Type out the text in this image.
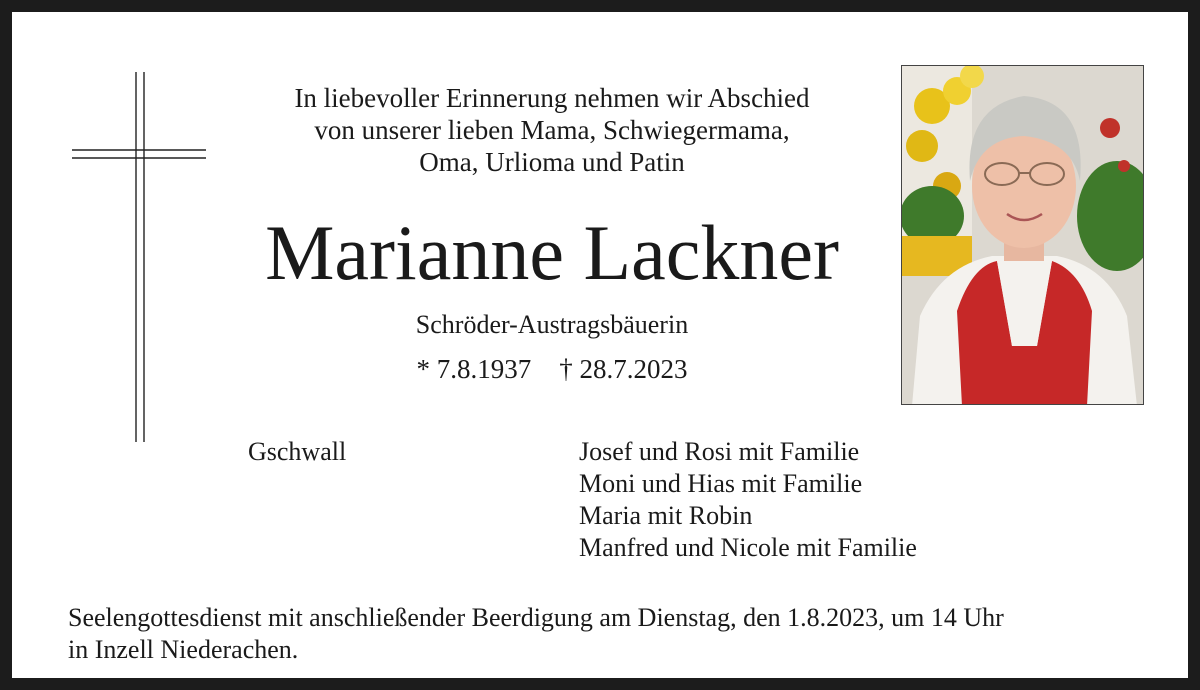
In liebevoller Erinnerung nehmen wir Abschied
von unserer lieben Mama, Schwiegermama,
Oma, Urlioma und Patin
Marianne Lackner
Schröder-Austragsbäuerin
* 7.8.1937 † 28.7.2023
Gschwall	Josef und Rosi mit Familie
Moni und Hias mit Familie
Maria mit Robin
Manfred und Nicole mit Familie
Seelengottesdienst mit anschließender Beerdigung am Dienstag, den 1.8.2023, um 14 Uhr
in Inzell Niederachen.
